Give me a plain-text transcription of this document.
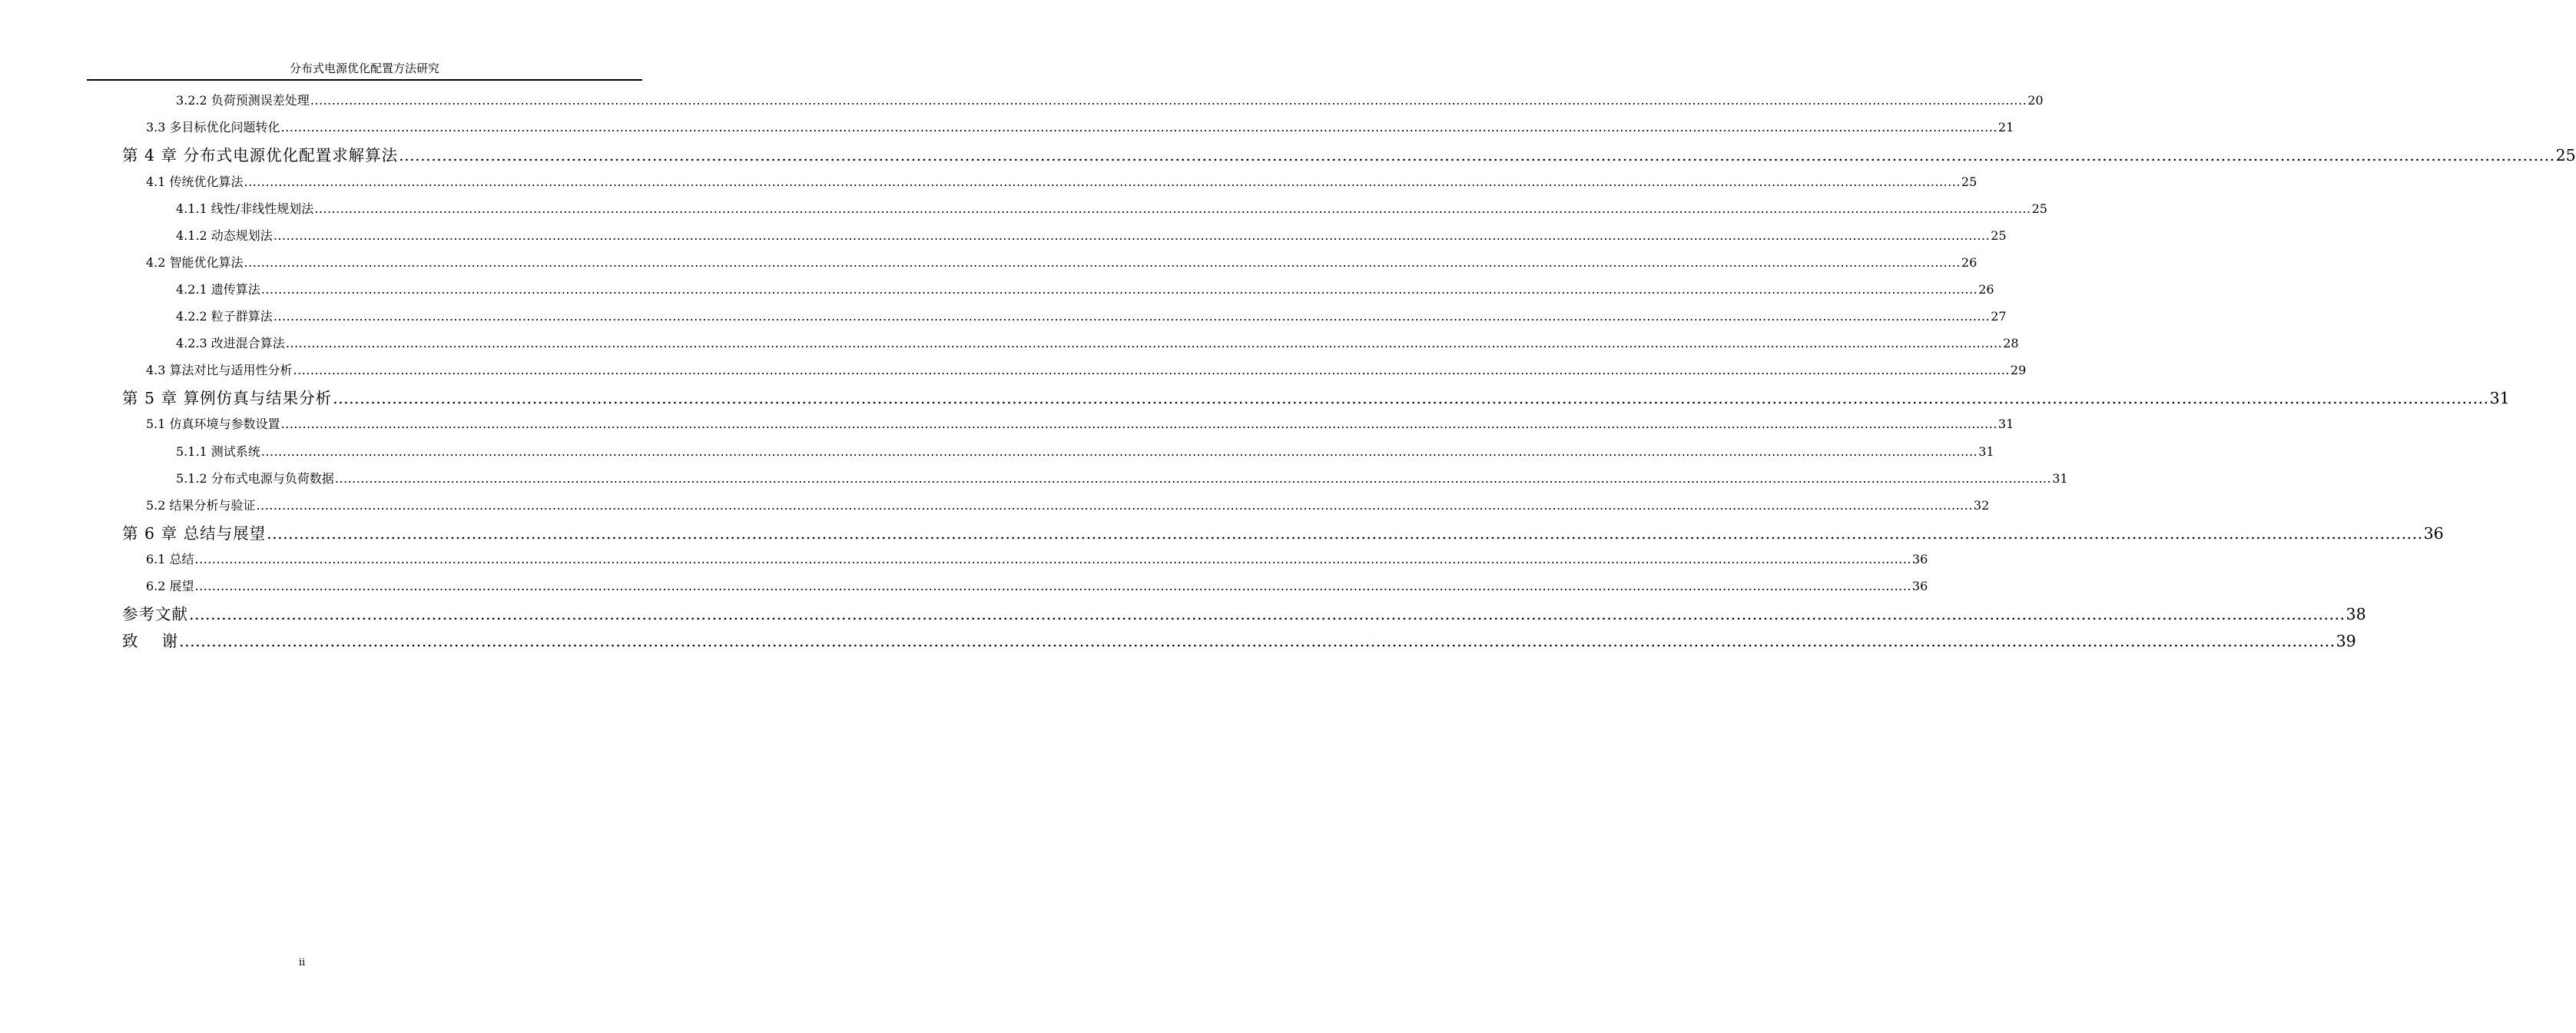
分布式电源优化配置方法研究
3.2.2 负荷预测误差处理 ................................................................................................................................................................................................................................................................................................................................................................................................................ 20
3.3 多目标优化问题转化 ................................................................................................................................................................................................................................................................................................................................................................................................................ 21
第 4 章 分布式电源优化配置求解算法 ................................................................................................................................................................................................................................................................................................................................................................................................................ 25
4.1 传统优化算法 ................................................................................................................................................................................................................................................................................................................................................................................................................ 25
4.1.1 线性/非线性规划法 ................................................................................................................................................................................................................................................................................................................................................................................................................ 25
4.1.2 动态规划法 ................................................................................................................................................................................................................................................................................................................................................................................................................ 25
4.2 智能优化算法 ................................................................................................................................................................................................................................................................................................................................................................................................................ 26
4.2.1 遗传算法 ................................................................................................................................................................................................................................................................................................................................................................................................................ 26
4.2.2 粒子群算法 ................................................................................................................................................................................................................................................................................................................................................................................................................ 27
4.2.3 改进混合算法 ................................................................................................................................................................................................................................................................................................................................................................................................................ 28
4.3 算法对比与适用性分析 ................................................................................................................................................................................................................................................................................................................................................................................................................ 29
第 5 章 算例仿真与结果分析 ................................................................................................................................................................................................................................................................................................................................................................................................................ 31
5.1 仿真环境与参数设置 ................................................................................................................................................................................................................................................................................................................................................................................................................ 31
5.1.1 测试系统 ................................................................................................................................................................................................................................................................................................................................................................................................................ 31
5.1.2 分布式电源与负荷数据 ................................................................................................................................................................................................................................................................................................................................................................................................................ 31
5.2 结果分析与验证 ................................................................................................................................................................................................................................................................................................................................................................................................................ 32
第 6 章 总结与展望 ................................................................................................................................................................................................................................................................................................................................................................................................................ 36
6.1 总结 ................................................................................................................................................................................................................................................................................................................................................................................................................ 36
6.2 展望 ................................................................................................................................................................................................................................................................................................................................................................................................................ 36
参考文献 ................................................................................................................................................................................................................................................................................................................................................................................................................ 38
致    谢 ................................................................................................................................................................................................................................................................................................................................................................................................................ 39
ii
